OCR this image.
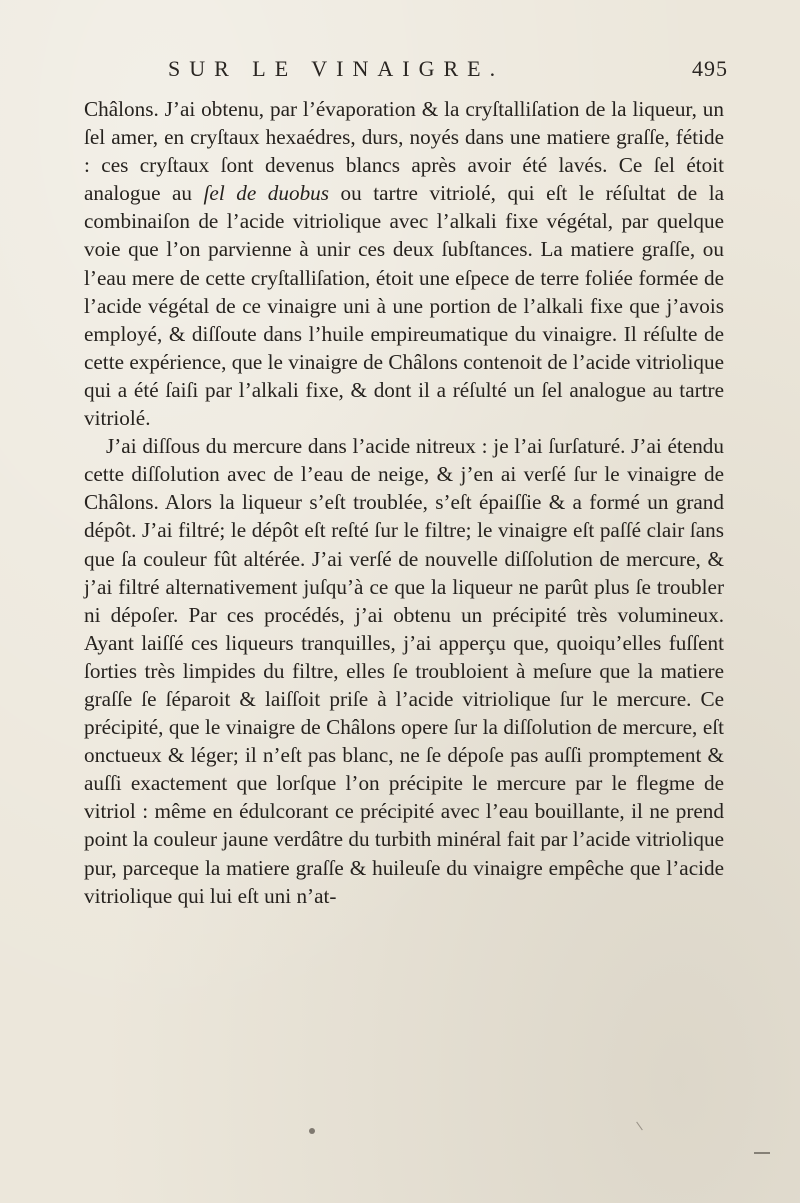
SUR LE VINAIGRE.	495

Châlons. J’ai obtenu, par l’évaporation & la cryſtalliſation de la liqueur, un ſel amer, en cryſtaux hexaédres, durs, noyés dans une matiere graſſe, fétide : ces cryſtaux ſont devenus blancs après avoir été lavés. Ce ſel étoit analogue au ſel de duobus ou tartre vitriolé, qui eſt le réſultat de la combinaiſon de l’acide vitriolique avec l’alkali fixe végétal, par quelque voie que l’on parvienne à unir ces deux ſubſtances. La matiere graſſe, ou l’eau mere de cette cryſtalliſation, étoit une eſpece de terre foliée formée de l’acide végétal de ce vinaigre uni à une portion de l’alkali fixe que j’avois employé, & diſſoute dans l’huile empireumatique du vinaigre. Il réſulte de cette expérience, que le vinaigre de Châlons contenoit de l’acide vitriolique qui a été ſaiſi par l’alkali fixe, & dont il a réſulté un ſel analogue au tartre vitriolé.

J’ai diſſous du mercure dans l’acide nitreux : je l’ai ſurſaturé. J’ai étendu cette diſſolution avec de l’eau de neige, & j’en ai verſé ſur le vinaigre de Châlons. Alors la liqueur s’eſt troublée, s’eſt épaiſſie & a formé un grand dépôt. J’ai filtré; le dépôt eſt reſté ſur le filtre; le vinaigre eſt paſſé clair ſans que ſa couleur fût altérée. J’ai verſé de nouvelle diſſolution de mercure, & j’ai filtré alternativement juſqu’à ce que la liqueur ne parût plus ſe troubler ni dépoſer. Par ces procédés, j’ai obtenu un précipité très volumineux. Ayant laiſſé ces liqueurs tranquilles, j’ai apperçu que, quoiqu’elles fuſſent ſorties très limpides du filtre, elles ſe troubloient à meſure que la matiere graſſe ſe ſéparoit & laiſſoit priſe à l’acide vitriolique ſur le mercure. Ce précipité, que le vinaigre de Châlons opere ſur la diſſolution de mercure, eſt onctueux & léger; il n’eſt pas blanc, ne ſe dépoſe pas auſſi promptement & auſſi exactement que lorſque l’on précipite le mercure par le flegme de vitriol : même en édulcorant ce précipité avec l’eau bouillante, il ne prend point la couleur jaune verdâtre du turbith minéral fait par l’acide vitriolique pur, parceque la matiere graſſe & huileuſe du vinaigre empêche que l’acide vitriolique qui lui eſt uni n’at-
